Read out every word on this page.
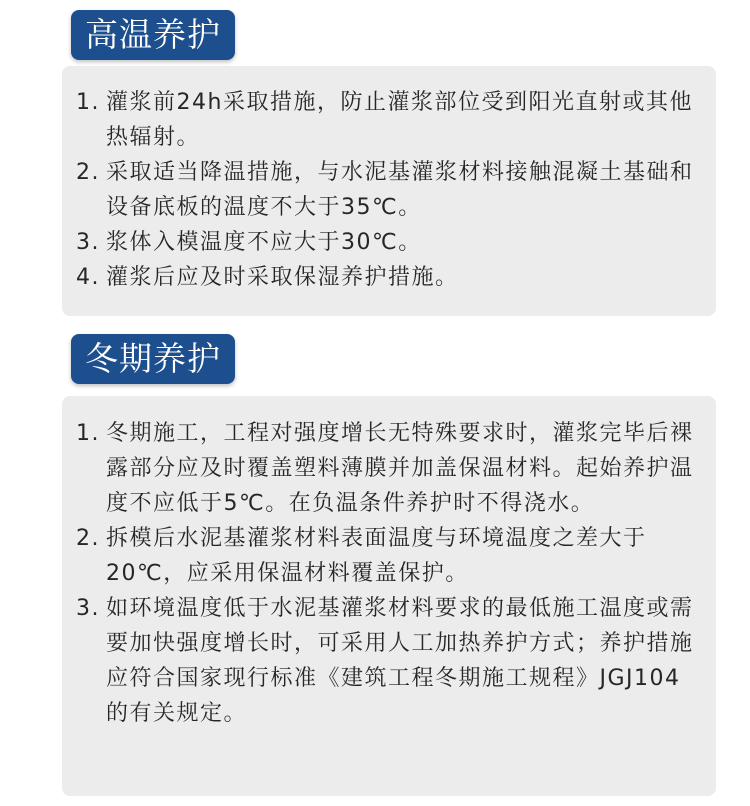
高温养护
1. 灌浆前24h采取措施，防止灌浆部位受到阳光直射或其他热辐射。
2. 采取适当降温措施，与水泥基灌浆材料接触混凝土基础和设备底板的温度不大于35℃。
3. 浆体入模温度不应大于30℃。
4. 灌浆后应及时采取保湿养护措施。
冬期养护
1. 冬期施工，工程对强度增长无特殊要求时，灌浆完毕后裸露部分应及时覆盖塑料薄膜并加盖保温材料。起始养护温度不应低于5℃。在负温条件养护时不得浇水。
2. 拆模后水泥基灌浆材料表面温度与环境温度之差大于20℃，应采用保温材料覆盖保护。
3. 如环境温度低于水泥基灌浆材料要求的最低施工温度或需要加快强度增长时，可采用人工加热养护方式；养护措施应符合国家现行标准《建筑工程冬期施工规程》JGJ104的有关规定。
